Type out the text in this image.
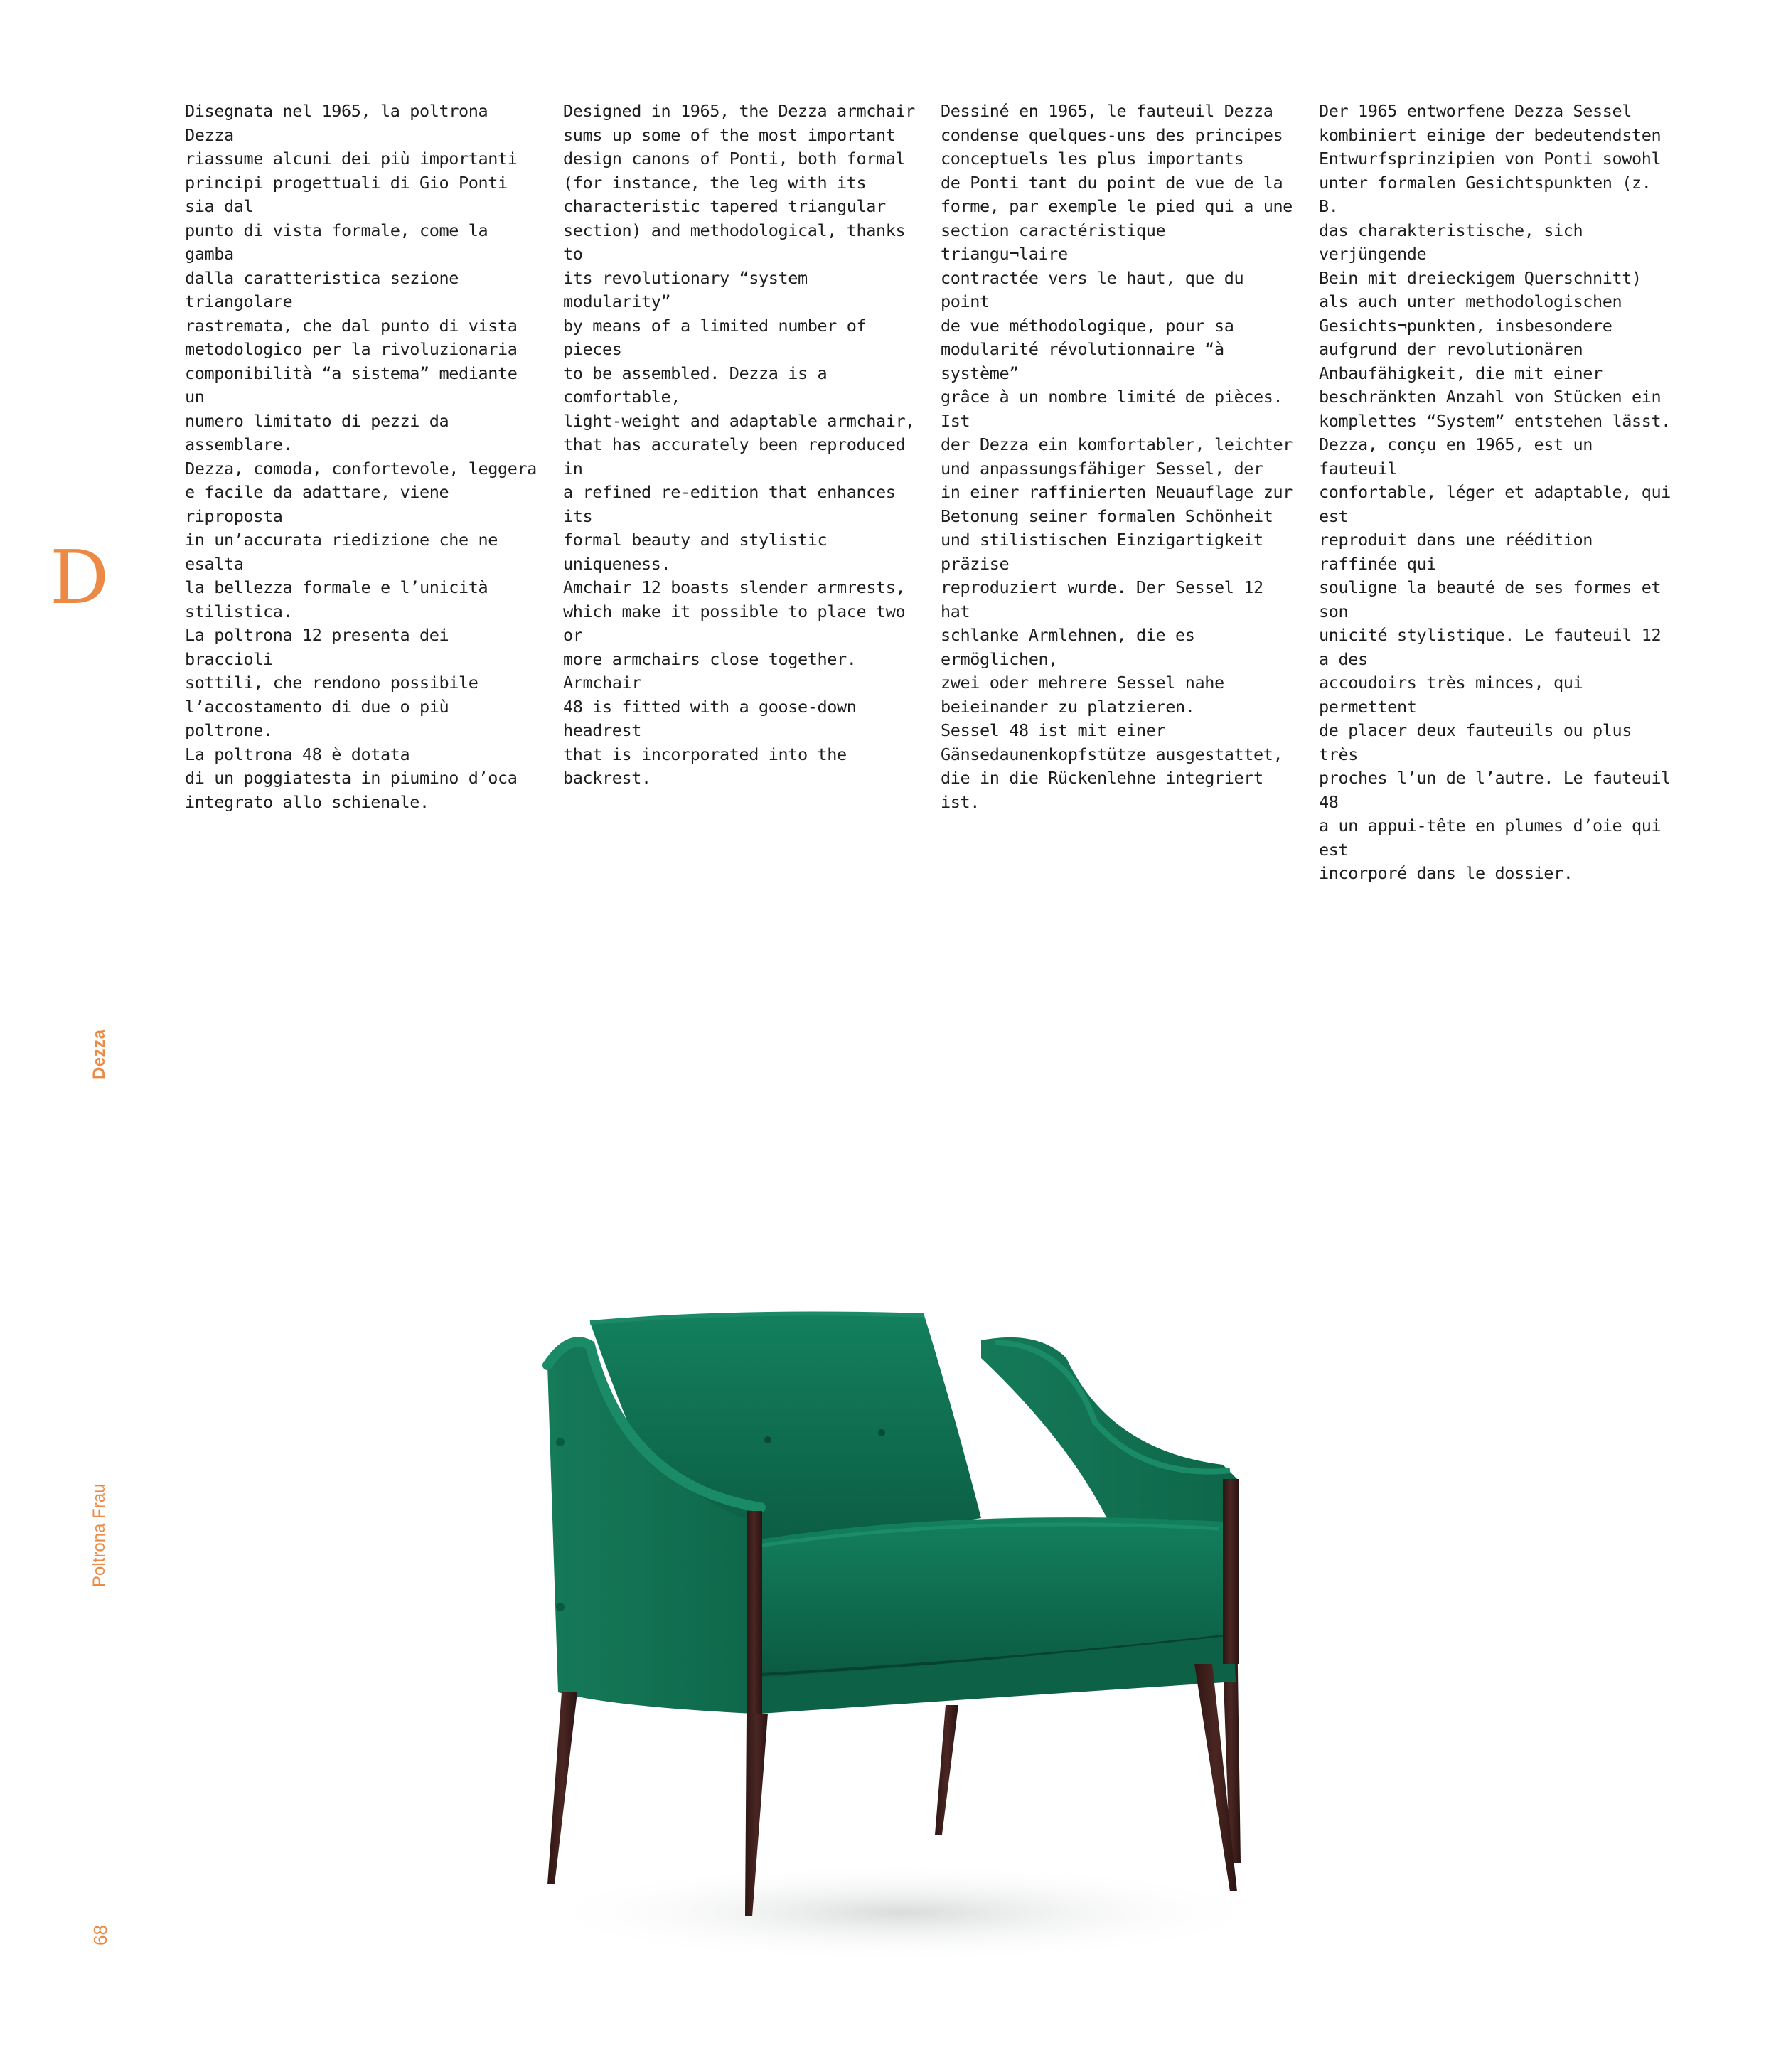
Disegnata nel 1965, la poltrona Dezza
riassume alcuni dei più importanti
principi progettuali di Gio Ponti sia dal
punto di vista formale, come la gamba
dalla caratteristica sezione triangolare
rastremata, che dal punto di vista
metodologico per la rivoluzionaria
componibilità “a sistema” mediante un
numero limitato di pezzi da assemblare.
Dezza, comoda, confortevole, leggera
e facile da adattare, viene riproposta
in un’accurata riedizione che ne esalta
la bellezza formale e l’unicità stilistica.
La poltrona 12 presenta dei braccioli
sottili, che rendono possibile
l’accostamento di due o più poltrone.
La poltrona 48 è dotata
di un poggiatesta in piumino d’oca
integrato allo schienale.
Designed in 1965, the Dezza armchair
sums up some of the most important
design canons of Ponti, both formal
(for instance, the leg with its
characteristic tapered triangular
section) and methodological, thanks to
its revolutionary “system modularity”
by means of a limited number of pieces
to be assembled. Dezza is a comfortable,
light-weight and adaptable armchair,
that has accurately been reproduced in
a refined re-edition that enhances its
formal beauty and stylistic uniqueness.
Amchair 12 boasts slender armrests,
which make it possible to place two or
more armchairs close together. Armchair
48 is fitted with a goose-down headrest
that is incorporated into the backrest.
Dessiné en 1965, le fauteuil Dezza
condense quelques-uns des principes
conceptuels les plus importants
de Ponti tant du point de vue de la
forme, par exemple le pied qui a une
section caractéristique triangu¬laire
contractée vers le haut, que du point
de vue méthodologique, pour sa
modularité révolutionnaire “à système”
grâce à un nombre limité de pièces. Ist
der Dezza ein komfortabler, leichter
und anpassungsfähiger Sessel, der
in einer raffinierten Neuauflage zur
Betonung seiner formalen Schönheit
und stilistischen Einzigartigkeit präzise
reproduziert wurde. Der Sessel 12 hat
schlanke Armlehnen, die es ermöglichen,
zwei oder mehrere Sessel nahe
beieinander zu platzieren.
Sessel 48 ist mit einer
Gänsedaunenkopfstütze ausgestattet,
die in die Rückenlehne integriert ist.
Der 1965 entworfene Dezza Sessel
kombiniert einige der bedeutendsten
Entwurfsprinzipien von Ponti sowohl
unter formalen Gesichtspunkten (z. B.
das charakteristische, sich verjüngende
Bein mit dreieckigem Querschnitt)
als auch unter methodologischen
Gesichts¬punkten, insbesondere
aufgrund der revolutionären
Anbaufähigkeit, die mit einer
beschränkten Anzahl von Stücken ein
komplettes “System” entstehen lässt.
Dezza, conçu en 1965, est un fauteuil
confortable, léger et adaptable, qui est
reproduit dans une réédition raffinée qui
souligne la beauté de ses formes et son
unicité stylistique. Le fauteuil 12 a des
accoudoirs très minces, qui permettent
de placer deux fauteuils ou plus très
proches l’un de l’autre. Le fauteuil 48
a un appui-tête en plumes d’oie qui est
incorporé dans le dossier.
D
Dezza
Poltrona Frau
68
